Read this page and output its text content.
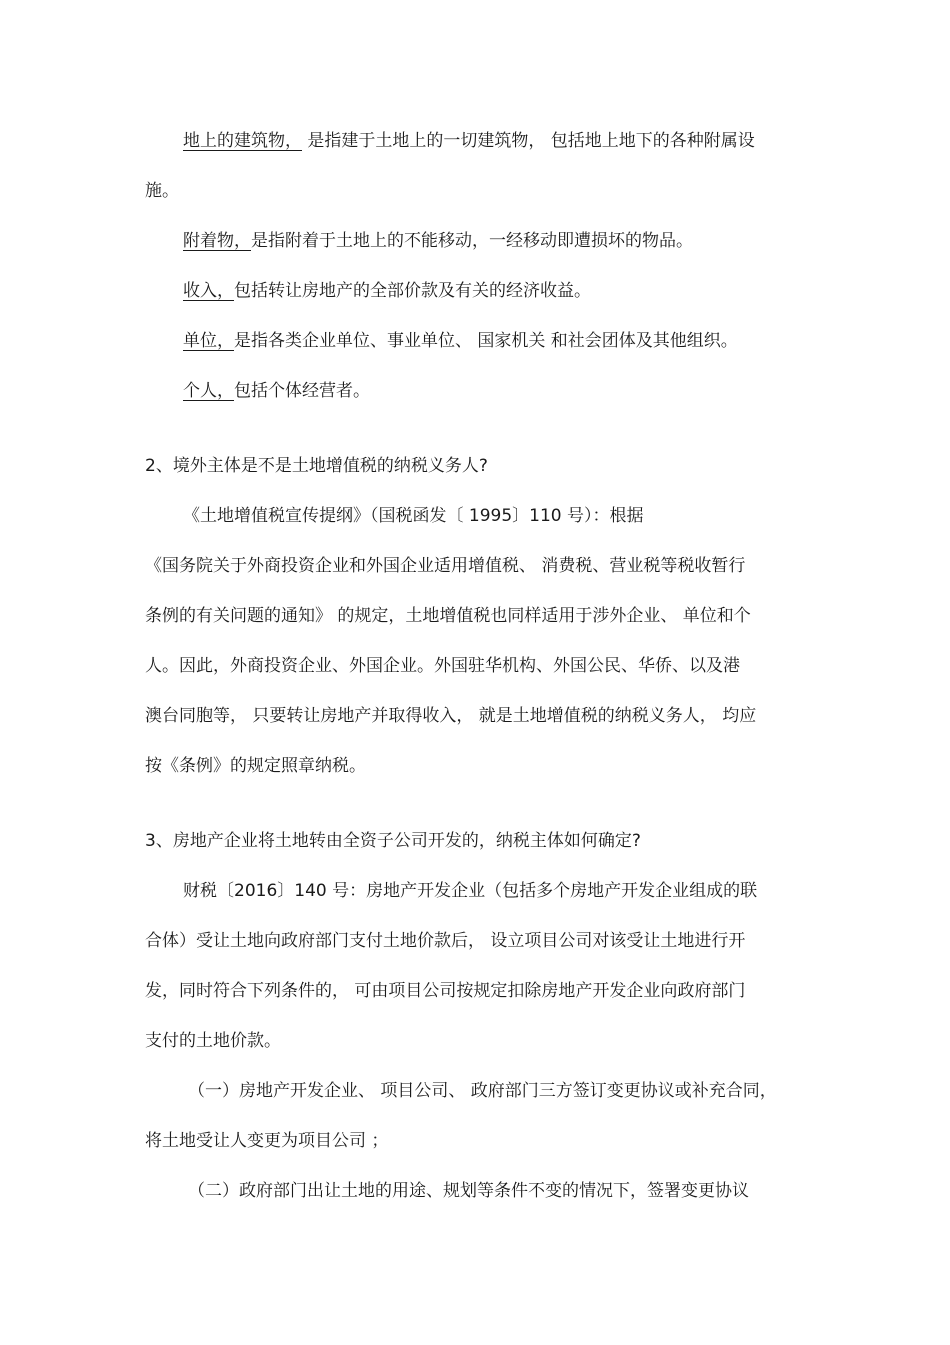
地上的建筑物， 是指建于土地上的一切建筑物， 包括地上地下的各种附属设
施。
附着物，是指附着于土地上的不能移动，一经移动即遭损坏的物品。
收入，包括转让房地产的全部价款及有关的经济收益。
单位，是指各类企业单位、事业单位、 国家机关 和社会团体及其他组织。
个人，包括个体经营者。
2、境外主体是不是土地增值税的纳税义务人?
《土地增值税宣传提纲》（国税函发〔 1995〕110 号）：根据
《国务院关于外商投资企业和外国企业适用增值税、 消费税、营业税等税收暂行
条例的有关问题的通知》 的规定，土地增值税也同样适用于涉外企业、 单位和个
人。因此，外商投资企业、外国企业。外国驻华机构、外国公民、华侨、以及港
澳台同胞等， 只要转让房地产并取得收入， 就是土地增值税的纳税义务人， 均应
按《条例》的规定照章纳税。
3、房地产企业将土地转由全资子公司开发的，纳税主体如何确定?
财税〔2016〕140 号：房地产开发企业（包括多个房地产开发企业组成的联
合体）受让土地向政府部门支付土地价款后， 设立项目公司对该受让土地进行开
发，同时符合下列条件的， 可由项目公司按规定扣除房地产开发企业向政府部门
支付的土地价款。
（一）房地产开发企业、 项目公司、 政府部门三方签订变更协议或补充合同，
将土地受让人变更为项目公司 ；
（二）政府部门出让土地的用途、规划等条件不变的情况下，签署变更协议
